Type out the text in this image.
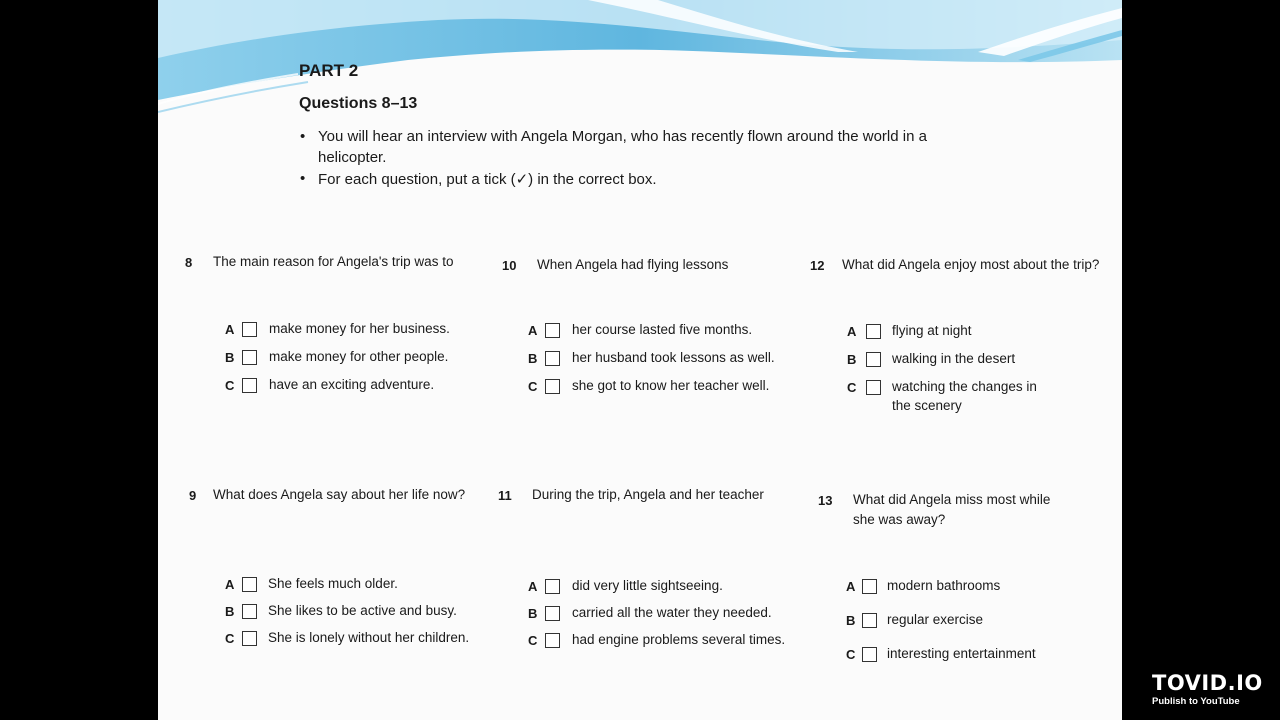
PART 2
Questions 8–13
• You will hear an interview with Angela Morgan, who has recently flown around the world in a
helicopter.
• For each question, put a tick (✓) in the correct box.
8 The main reason for Angela's trip was to
A	make money for her business.
B	make money for other people.
C	have an exciting adventure.
10 When Angela had flying lessons
A	her course lasted five months.
B	her husband took lessons as well.
C	she got to know her teacher well.
12 What did Angela enjoy most about the trip?
A	flying at night
B	walking in the desert
C	watching the changes in
the scenery
9 What does Angela say about her life now?
A She feels much older.
B She likes to be active and busy.
C She is lonely without her children.
11 During the trip, Angela and her teacher
A	did very little sightseeing.
B	carried all the water they needed.
C	had engine problems several times.
13 What did Angela miss most while
she was away?
A modern bathrooms
B regular exercise
C interesting entertainment
TOVID.IO
Publish to YouTube
